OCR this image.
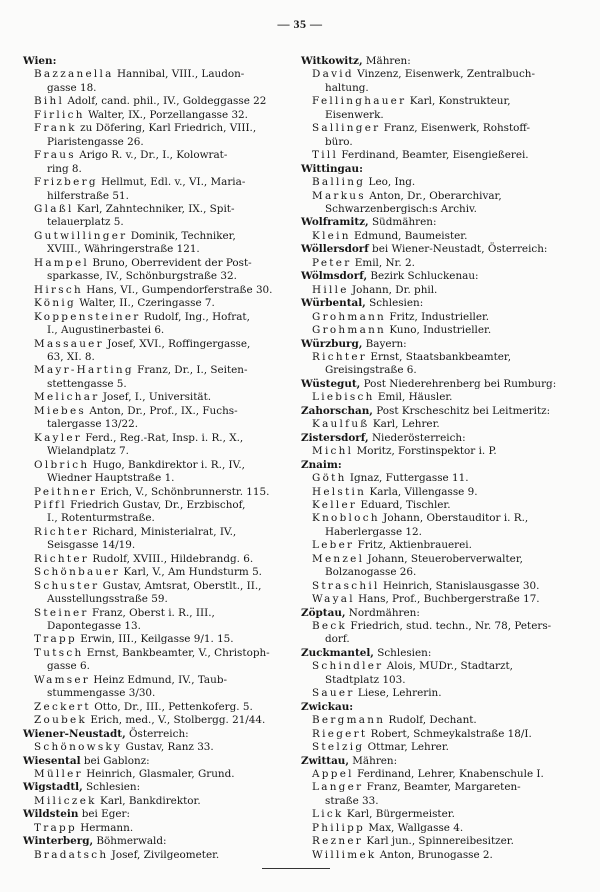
— 35 —
Wien:
Bazzanella Hannibal, VIII., Laudon-
gasse 18.
Bihl Adolf, cand. phil., IV., Goldeggasse 22
Firlich Walter, IX., Porzellangasse 32.
Frank zu Döfering, Karl Friedrich, VIII.,
Piaristengasse 26.
Fraus Arigo R. v., Dr., I., Kolowrat-
ring 8.
Frizberg Hellmut, Edl. v., VI., Maria-
hilferstraße 51.
Glaßl Karl, Zahntechniker, IX., Spit-
telauerplatz 5.
Gutwillinger Dominik, Techniker,
XVIII., Währingerstraße 121.
Hampel Bruno, Oberrevident der Post-
sparkasse, IV., Schönburgstraße 32.
Hirsch Hans, VI., Gumpendorferstraße 30.
König Walter, II., Czeringasse 7.
Koppensteiner Rudolf, Ing., Hofrat,
I., Augustinerbastei 6.
Massauer Josef, XVI., Roffingergasse,
63, XI. 8.
Mayr-Harting Franz, Dr., I., Seiten-
stettengasse 5.
Melichar Josef, I., Universität.
Miebes Anton, Dr., Prof., IX., Fuchs-
talergasse 13/22.
Kayler Ferd., Reg.-Rat, Insp. i. R., X.,
Wielandplatz 7.
Olbrich Hugo, Bankdirektor i. R., IV.,
Wiedner Hauptstraße 1.
Peithner Erich, V., Schönbrunnerstr. 115.
Piffl Friedrich Gustav, Dr., Erzbischof,
I., Rotenturmstraße.
Richter Richard, Ministerialrat, IV.,
Seisgasse 14/19.
Richter Rudolf, XVIII., Hildebrandg. 6.
Schönbauer Karl, V., Am Hundsturm 5.
Schuster Gustav, Amtsrat, Oberstlt., II.,
Ausstellungsstraße 59.
Steiner Franz, Oberst i. R., III.,
Dapontegasse 13.
Trapp Erwin, III., Keilgasse 9/1. 15.
Tutsch Ernst, Bankbeamter, V., Christoph-
gasse 6.
Wamser Heinz Edmund, IV., Taub-
stummengasse 3/30.
Zeckert Otto, Dr., III., Pettenkoferg. 5.
Zoubek Erich, med., V., Stolbergg. 21/44.
Wiener-Neustadt, Österreich:
Schönowsky Gustav, Ranz 33.
Wiesental bei Gablonz:
Müller Heinrich, Glasmaler, Grund.
Wigstadtl, Schlesien:
Miliczek Karl, Bankdirektor.
Wildstein bei Eger:
Trapp Hermann.
Winterberg, Böhmerwald:
Bradatsch Josef, Zivilgeometer.
Witkowitz, Mähren:
David Vinzenz, Eisenwerk, Zentralbuch-
haltung.
Fellinghauer Karl, Konstrukteur,
Eisenwerk.
Sallinger Franz, Eisenwerk, Rohstoff-
büro.
Till Ferdinand, Beamter, Eisengießerei.
Wittingau:
Balling Leo, Ing.
Markus Anton, Dr., Oberarchivar,
Schwarzenbergisch:s Archiv.
Wolframitz, Südmähren:
Klein Edmund, Baumeister.
Wöllersdorf bei Wiener-Neustadt, Österreich:
Peter Emil, Nr. 2.
Wölmsdorf, Bezirk Schluckenau:
Hille Johann, Dr. phil.
Würbental, Schlesien:
Grohmann Fritz, Industrieller.
Grohmann Kuno, Industrieller.
Würzburg, Bayern:
Richter Ernst, Staatsbankbeamter,
Greisingstraße 6.
Wüstegut, Post Niederehrenberg bei Rumburg:
Liebisch Emil, Häusler.
Zahorschan, Post Krscheschitz bei Leitmeritz:
Kaulfuß Karl, Lehrer.
Zistersdorf, Niederösterreich:
Michl Moritz, Forstinspektor i. P.
Znaim:
Göth Ignaz, Futtergasse 11.
Helstin Karla, Villengasse 9.
Keller Eduard, Tischler.
Knobloch Johann, Oberstauditor i. R.,
Haberlergasse 12.
Leber Fritz, Aktienbrauerei.
Menzel Johann, Steueroberverwalter,
Bolzanogasse 26.
Straschil Heinrich, Stanislausgasse 30.
Wayal Hans, Prof., Buchbergerstraße 17.
Zöptau, Nordmähren:
Beck Friedrich, stud. techn., Nr. 78, Peters-
dorf.
Zuckmantel, Schlesien:
Schindler Alois, MUDr., Stadtarzt,
Stadtplatz 103.
Sauer Liese, Lehrerin.
Zwickau:
Bergmann Rudolf, Dechant.
Riegert Robert, Schmeykalstraße 18/I.
Stelzig Ottmar, Lehrer.
Zwittau, Mähren:
Appel Ferdinand, Lehrer, Knabenschule I.
Langer Franz, Beamter, Margareten-
straße 33.
Lick Karl, Bürgermeister.
Philipp Max, Wallgasse 4.
Rezner Karl jun., Spinnereibesitzer.
Willimek Anton, Brunogasse 2.
